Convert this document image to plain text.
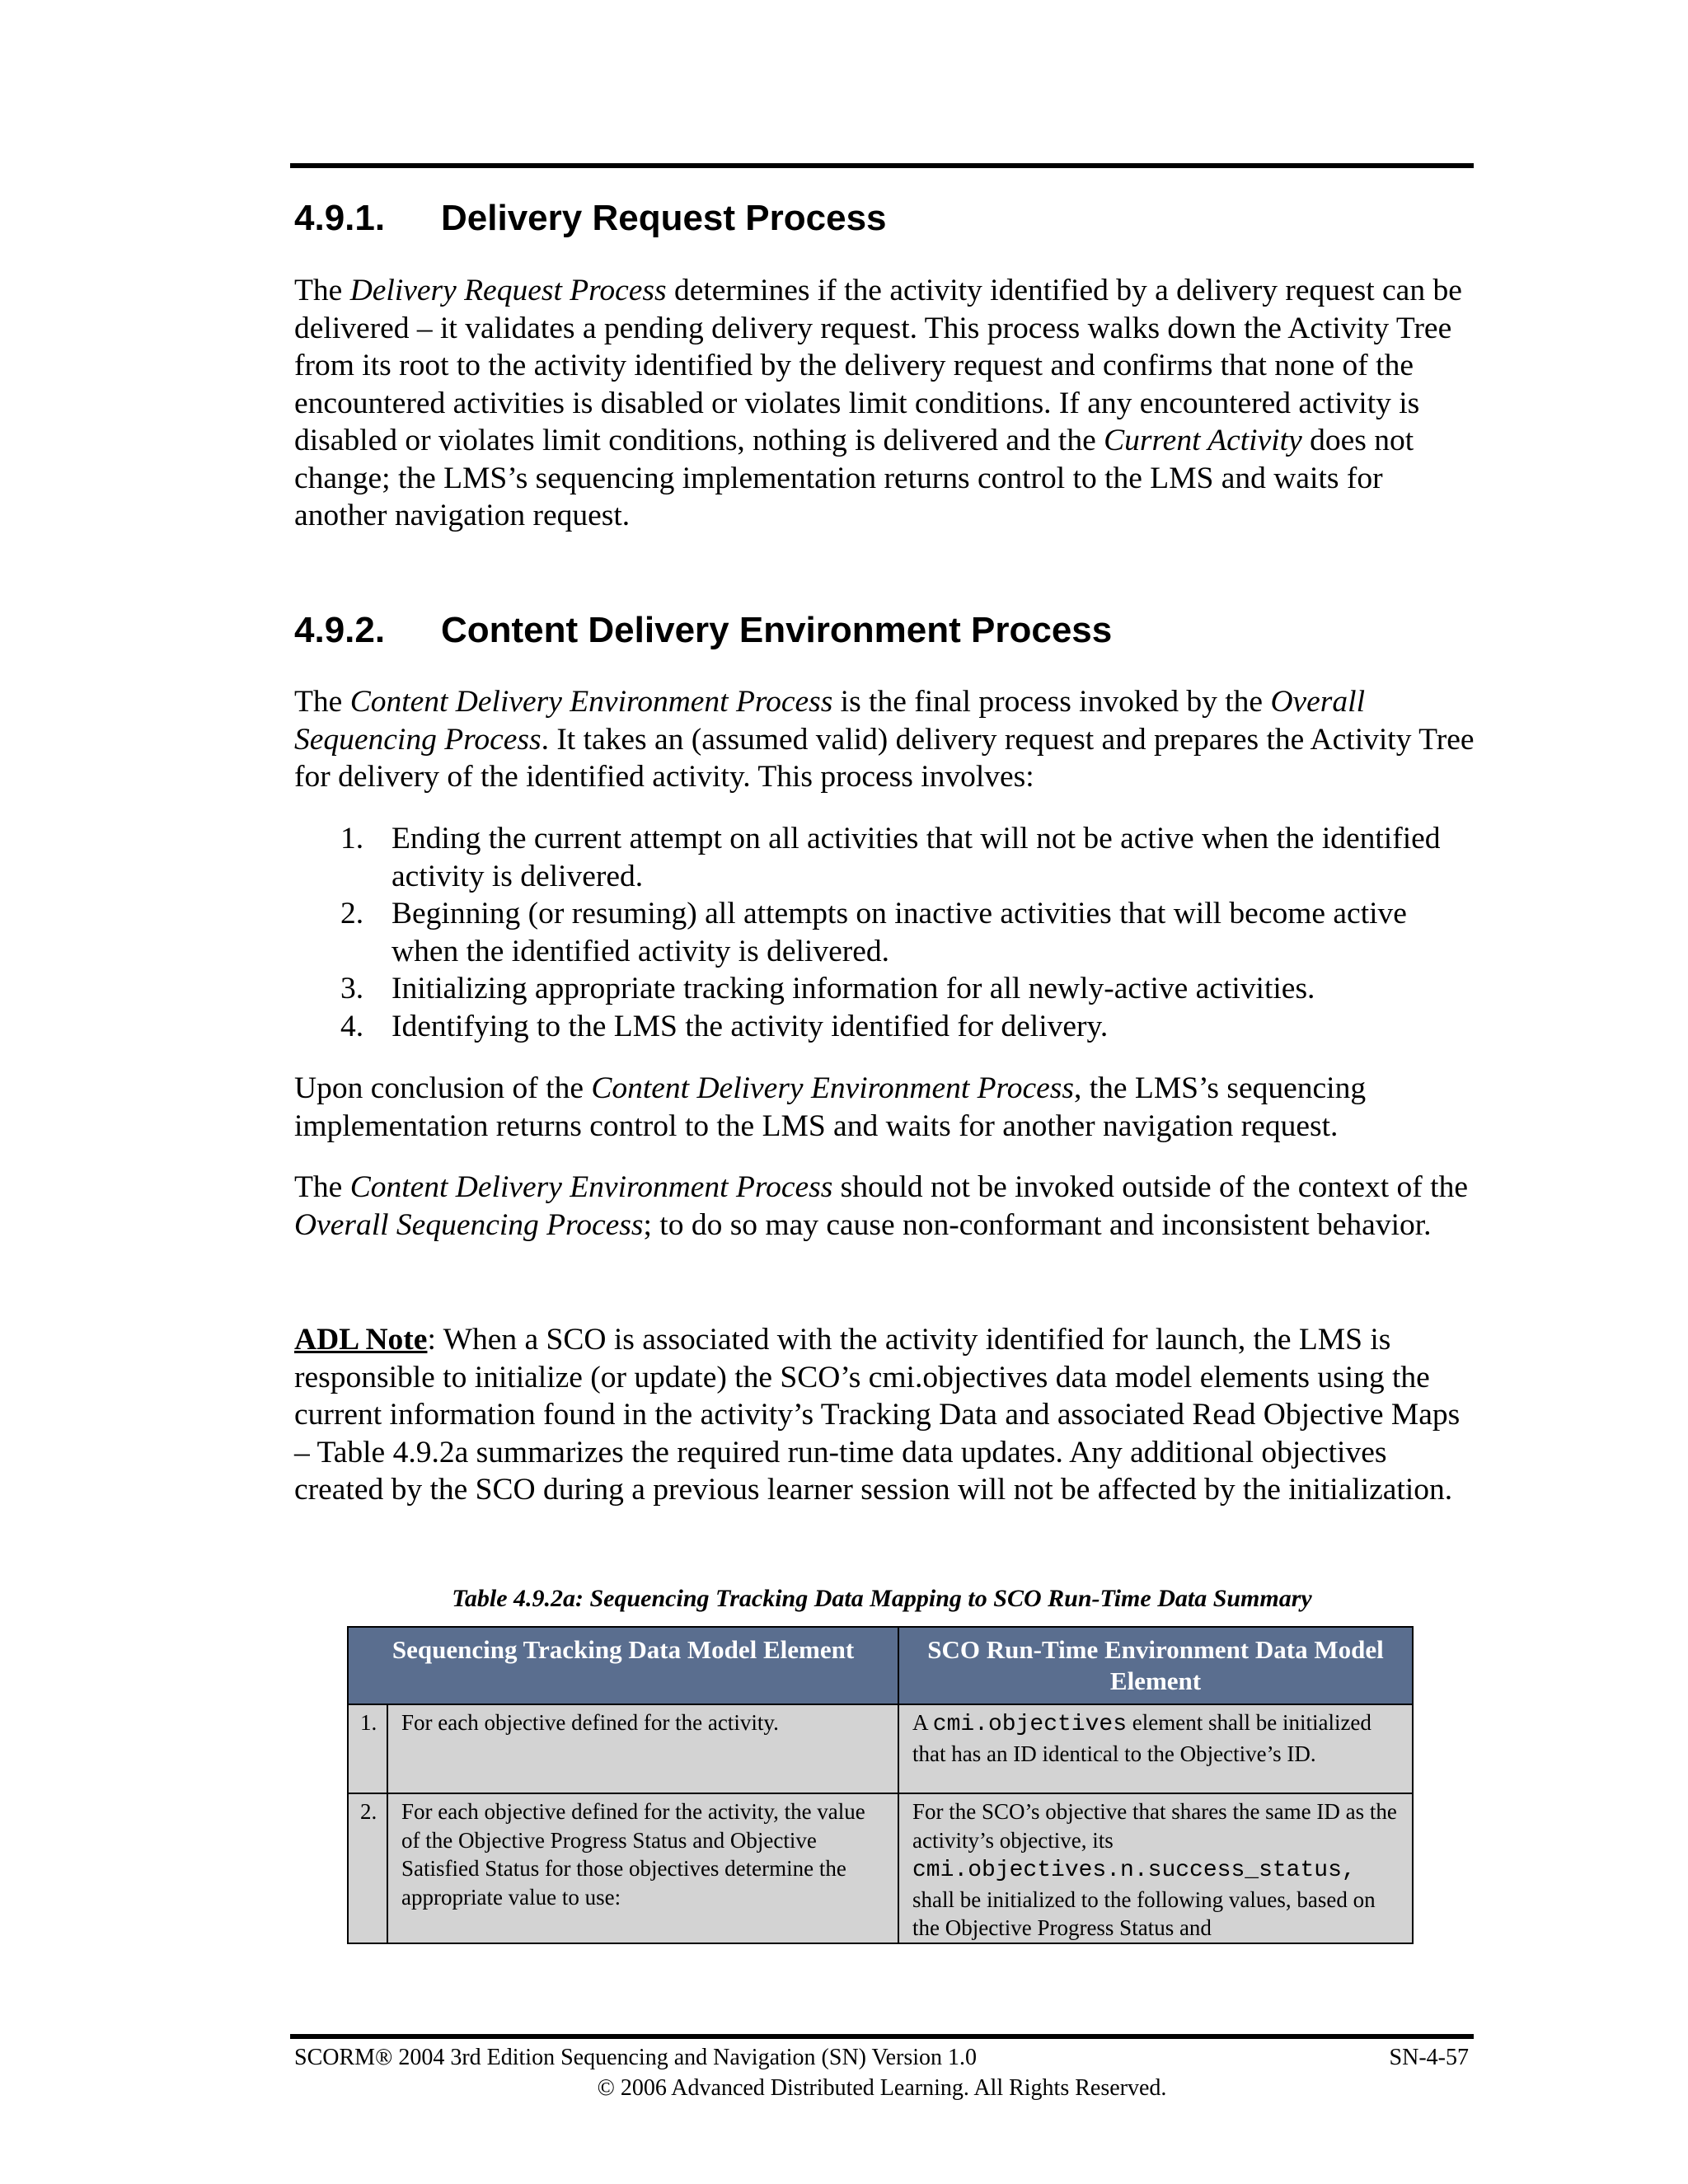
4.9.1. Delivery Request Process

The Delivery Request Process determines if the activity identified by a delivery request can be delivered – it validates a pending delivery request. This process walks down the Activity Tree from its root to the activity identified by the delivery request and confirms that none of the encountered activities is disabled or violates limit conditions. If any encountered activity is disabled or violates limit conditions, nothing is delivered and the Current Activity does not change; the LMS’s sequencing implementation returns control to the LMS and waits for another navigation request.

4.9.2. Content Delivery Environment Process

The Content Delivery Environment Process is the final process invoked by the Overall Sequencing Process. It takes an (assumed valid) delivery request and prepares the Activity Tree for delivery of the identified activity. This process involves:

1. Ending the current attempt on all activities that will not be active when the identified activity is delivered.
2. Beginning (or resuming) all attempts on inactive activities that will become active when the identified activity is delivered.
3. Initializing appropriate tracking information for all newly-active activities.
4. Identifying to the LMS the activity identified for delivery.

Upon conclusion of the Content Delivery Environment Process, the LMS’s sequencing implementation returns control to the LMS and waits for another navigation request.

The Content Delivery Environment Process should not be invoked outside of the context of the Overall Sequencing Process; to do so may cause non-conformant and inconsistent behavior.

ADL Note: When a SCO is associated with the activity identified for launch, the LMS is responsible to initialize (or update) the SCO’s cmi.objectives data model elements using the current information found in the activity’s Tracking Data and associated Read Objective Maps – Table 4.9.2a summarizes the required run-time data updates. Any additional objectives created by the SCO during a previous learner session will not be affected by the initialization.

Table 4.9.2a: Sequencing Tracking Data Mapping to SCO Run-Time Data Summary

Sequencing Tracking Data Model Element		SCO Run-Time Environment Data Model Element
1.	For each objective defined for the activity.	A cmi.objectives element shall be initialized that has an ID identical to the Objective’s ID.
2.	For each objective defined for the activity, the value of the Objective Progress Status and Objective Satisfied Status for those objectives determine the appropriate value to use:	For the SCO’s objective that shares the same ID as the activity’s objective, its cmi.objectives.n.success_status, shall be initialized to the following values, based on the Objective Progress Status and

SCORM® 2004 3rd Edition Sequencing and Navigation (SN) Version 1.0	SN-4-57

© 2006 Advanced Distributed Learning. All Rights Reserved.
